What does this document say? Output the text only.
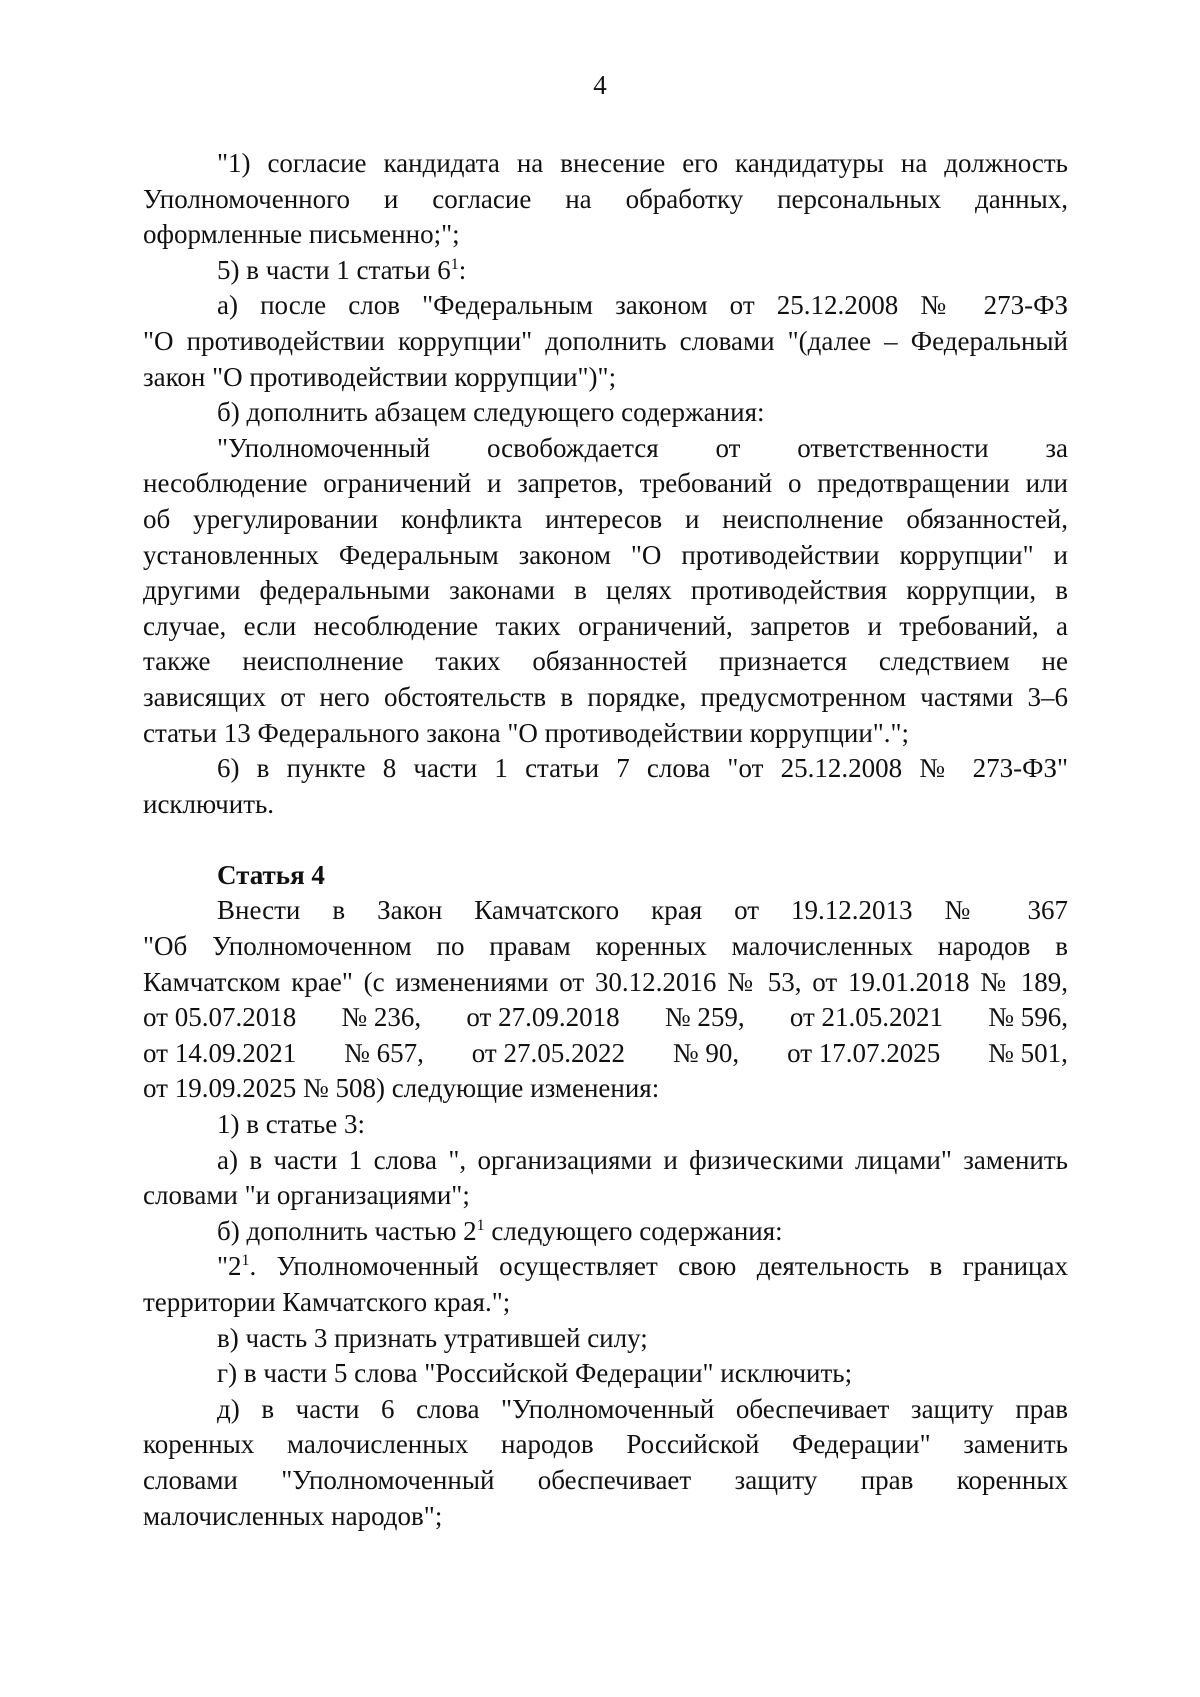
4
"1) согласие кандидата на внесение его кандидатуры на должность
Уполномоченного и согласие на обработку персональных данных,
оформленные письменно;";
5) в части 1 статьи $6^1$:
а) после слов "Федеральным законом от 25.12.2008 № 273-ФЗ
"О противодействии коррупции" дополнить словами "(далее – Федеральный
закон "О противодействии коррупции")";
б) дополнить абзацем следующего содержания:
"Уполномоченный освобождается от ответственности за
несоблюдение ограничений и запретов, требований о предотвращении или
об урегулировании конфликта интересов и неисполнение обязанностей,
установленных Федеральным законом "О противодействии коррупции" и
другими федеральными законами в целях противодействия коррупции, в
случае, если несоблюдение таких ограничений, запретов и требований, а
также неисполнение таких обязанностей признается следствием не
зависящих от него обстоятельств в порядке, предусмотренном частями 3–6
статьи 13 Федерального закона "О противодействии коррупции".";
6) в пункте 8 части 1 статьи 7 слова "от 25.12.2008 № 273-ФЗ"
исключить.
Статья 4
Внести в Закон Камчатского края от 19.12.2013 № 367
"Об Уполномоченном по правам коренных малочисленных народов в
Камчатском крае" (с изменениями от 30.12.2016 № 53, от 19.01.2018 № 189,
от 05.07.2018 № 236, от 27.09.2018 № 259, от 21.05.2021 № 596,
от 14.09.2021 № 657, от 27.05.2022 № 90, от 17.07.2025 № 501,
от 19.09.2025 № 508) следующие изменения:
1) в статье 3:
а) в части 1 слова ", организациями и физическими лицами" заменить
словами "и организациями";
б) дополнить частью $2^1$ следующего содержания:
"$2^1$. Уполномоченный осуществляет свою деятельность в границах
территории Камчатского края.";
в) часть 3 признать утратившей силу;
г) в части 5 слова "Российской Федерации" исключить;
д) в части 6 слова "Уполномоченный обеспечивает защиту прав
коренных малочисленных народов Российской Федерации" заменить
словами "Уполномоченный обеспечивает защиту прав коренных
малочисленных народов";
